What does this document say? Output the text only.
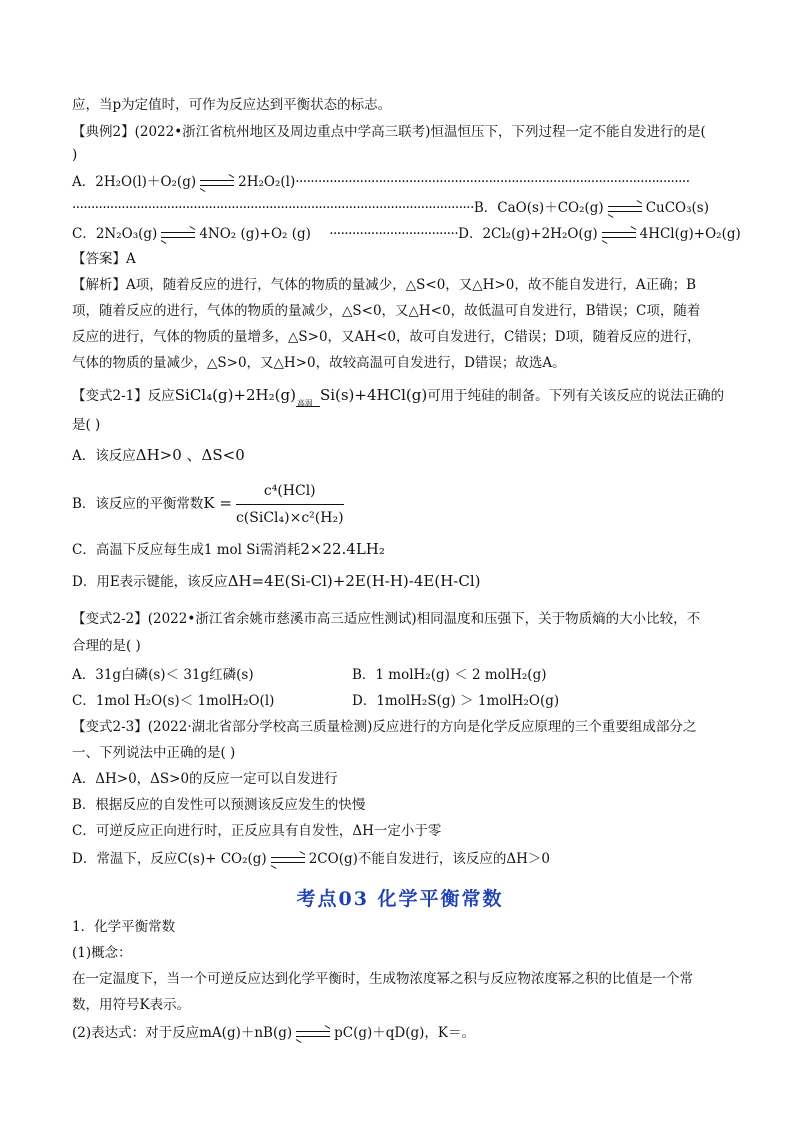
应，当p为定值时，可作为反应达到平衡状态的标志。
【典例2】(2022•浙江省杭州地区及周边重点中学高三联考)恒温恒压下，下列过程一定不能自发进行的是(
)
A．2H₂O(l)＋O₂(g)	2H₂O₂(l)········································································································
··········································································································B．CaO(s)＋CO₂(g)	CuCO₃(s)
C．2N₂O₃(g)	4NO₂ (g)+O₂ (g) ··································D．2Cl₂(g)+2H₂O(g)	4HCl(g)+O₂(g)
【答案】A
【解析】A项，随着反应的进行，气体的物质的量减少，△S<0，又△H>0，故不能自发进行，A正确；B
项，随着反应的进行，气体的物质的量减少，△S<0，又△H<0，故低温可自发进行，B错误；C项，随着
反应的进行，气体的物质的量增多，△S>0，又AH<0，故可自发进行，C错误；D项，随着反应的进行，
气体的物质的量减少，△S>0，又△H>0，故较高温可自发进行，D错误；故选A。
【变式2-1】反应SiCl₄(g)+2H₂(g) 高温 Si(s)+4HCl(g)可用于纯硅的制备。下列有关该反应的说法正确的
是( )
A．该反应ΔH>0 、ΔS<0
B．该反应的平衡常数$K = \frac{\text{c⁴(HCl)}}{\text{c(SiCl₄)×c²(H₂)}}$
C．高温下反应每生成1 mol Si需消耗2×22.4LH₂
D．用E表示键能，该反应ΔH=4E(Si-Cl)+2E(H-H)-4E(H-Cl)
【变式2-2】(2022•浙江省余姚市慈溪市高三适应性测试)相同温度和压强下，关于物质熵的大小比较，不
合理的是( )
A．31g白磷(s)＜ 31g红磷(s)	B．1 molH₂(g) ＜ 2 molH₂(g)
C．1mol H₂O(s)＜ 1molH₂O(l)	D．1molH₂S(g) ＞ 1molH₂O(g)
【变式2-3】(2022·湖北省部分学校高三质量检测)反应进行的方向是化学反应原理的三个重要组成部分之
一、下列说法中正确的是( )
A．ΔH>0，ΔS>0的反应一定可以自发进行
B．根据反应的自发性可以预测该反应发生的快慢
C．可逆反应正向进行时，正反应具有自发性，ΔH一定小于零
D．常温下，反应C(s)+ CO₂(g)	2CO(g)不能自发进行，该反应的ΔH＞0
考点03 化学平衡常数
1．化学平衡常数
(1)概念：
在一定温度下，当一个可逆反应达到化学平衡时，生成物浓度幂之积与反应物浓度幂之积的比值是一个常
数，用符号K表示。
(2)表达式：对于反应mA(g)＋nB(g)	pC(g)＋qD(g)，K＝。
